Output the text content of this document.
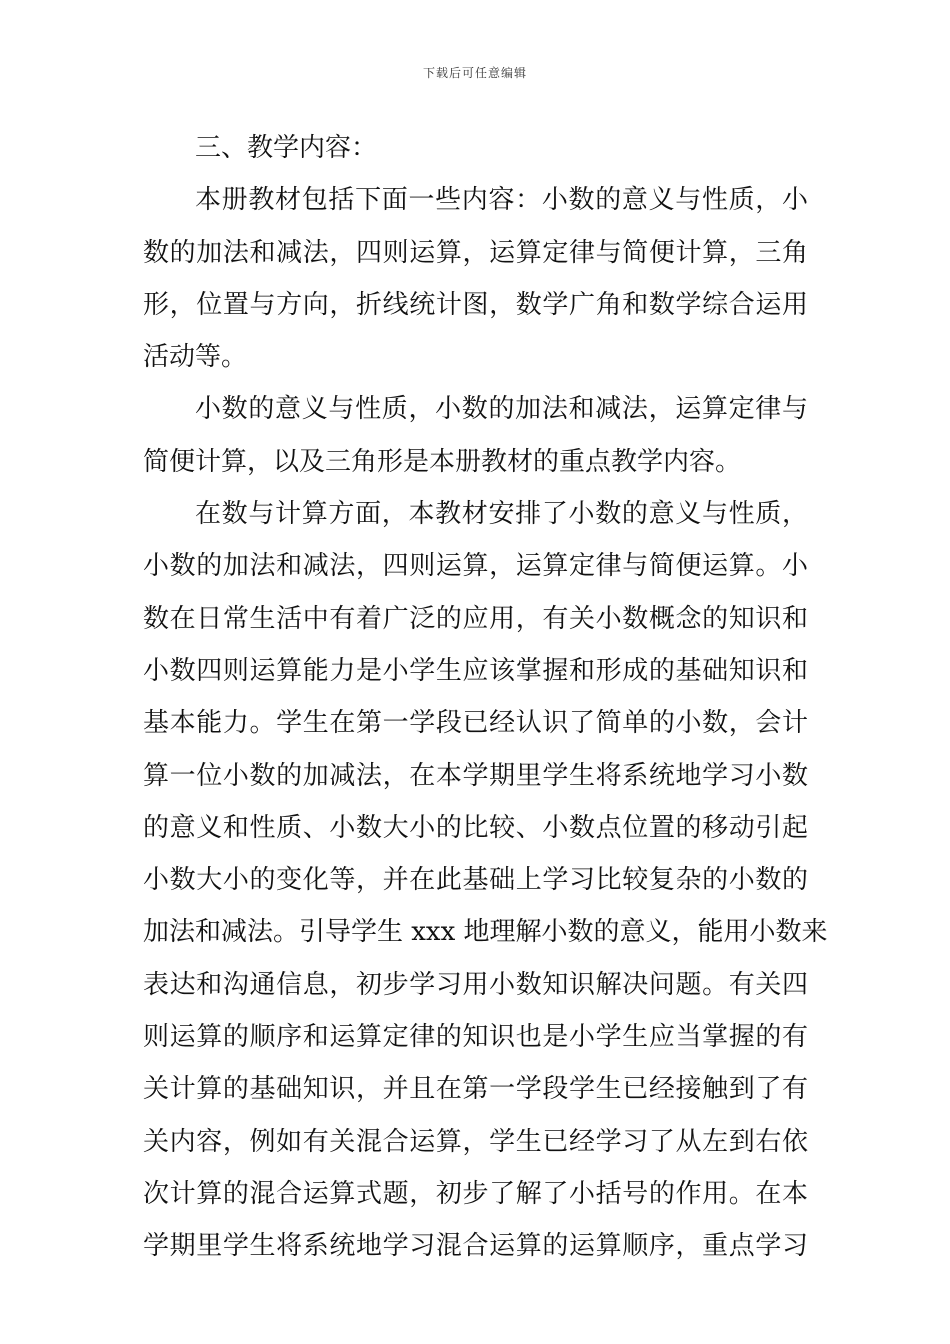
下载后可任意编辑
三、教学内容：
本册教材包括下面一些内容：小数的意义与性质，小
数的加法和减法，四则运算，运算定律与简便计算，三角
形，位置与方向，折线统计图，数学广角和数学综合运用
活动等。
小数的意义与性质，小数的加法和减法，运算定律与
简便计算，以及三角形是本册教材的重点教学内容。
在数与计算方面，本教材安排了小数的意义与性质，
小数的加法和减法，四则运算，运算定律与简便运算。小
数在日常生活中有着广泛的应用，有关小数概念的知识和
小数四则运算能力是小学生应该掌握和形成的基础知识和
基本能力。学生在第一学段已经认识了简单的小数，会计
算一位小数的加减法，在本学期里学生将系统地学习小数
的意义和性质、小数大小的比较、小数点位置的移动引起
小数大小的变化等，并在此基础上学习比较复杂的小数的
加法和减法。引导学生 xxx 地理解小数的意义，能用小数来
表达和沟通信息，初步学习用小数知识解决问题。有关四
则运算的顺序和运算定律的知识也是小学生应当掌握的有
关计算的基础知识，并且在第一学段学生已经接触到了有
关内容，例如有关混合运算，学生已经学习了从左到右依
次计算的混合运算式题，初步了解了小括号的作用。在本
学期里学生将系统地学习混合运算的运算顺序，重点学习
